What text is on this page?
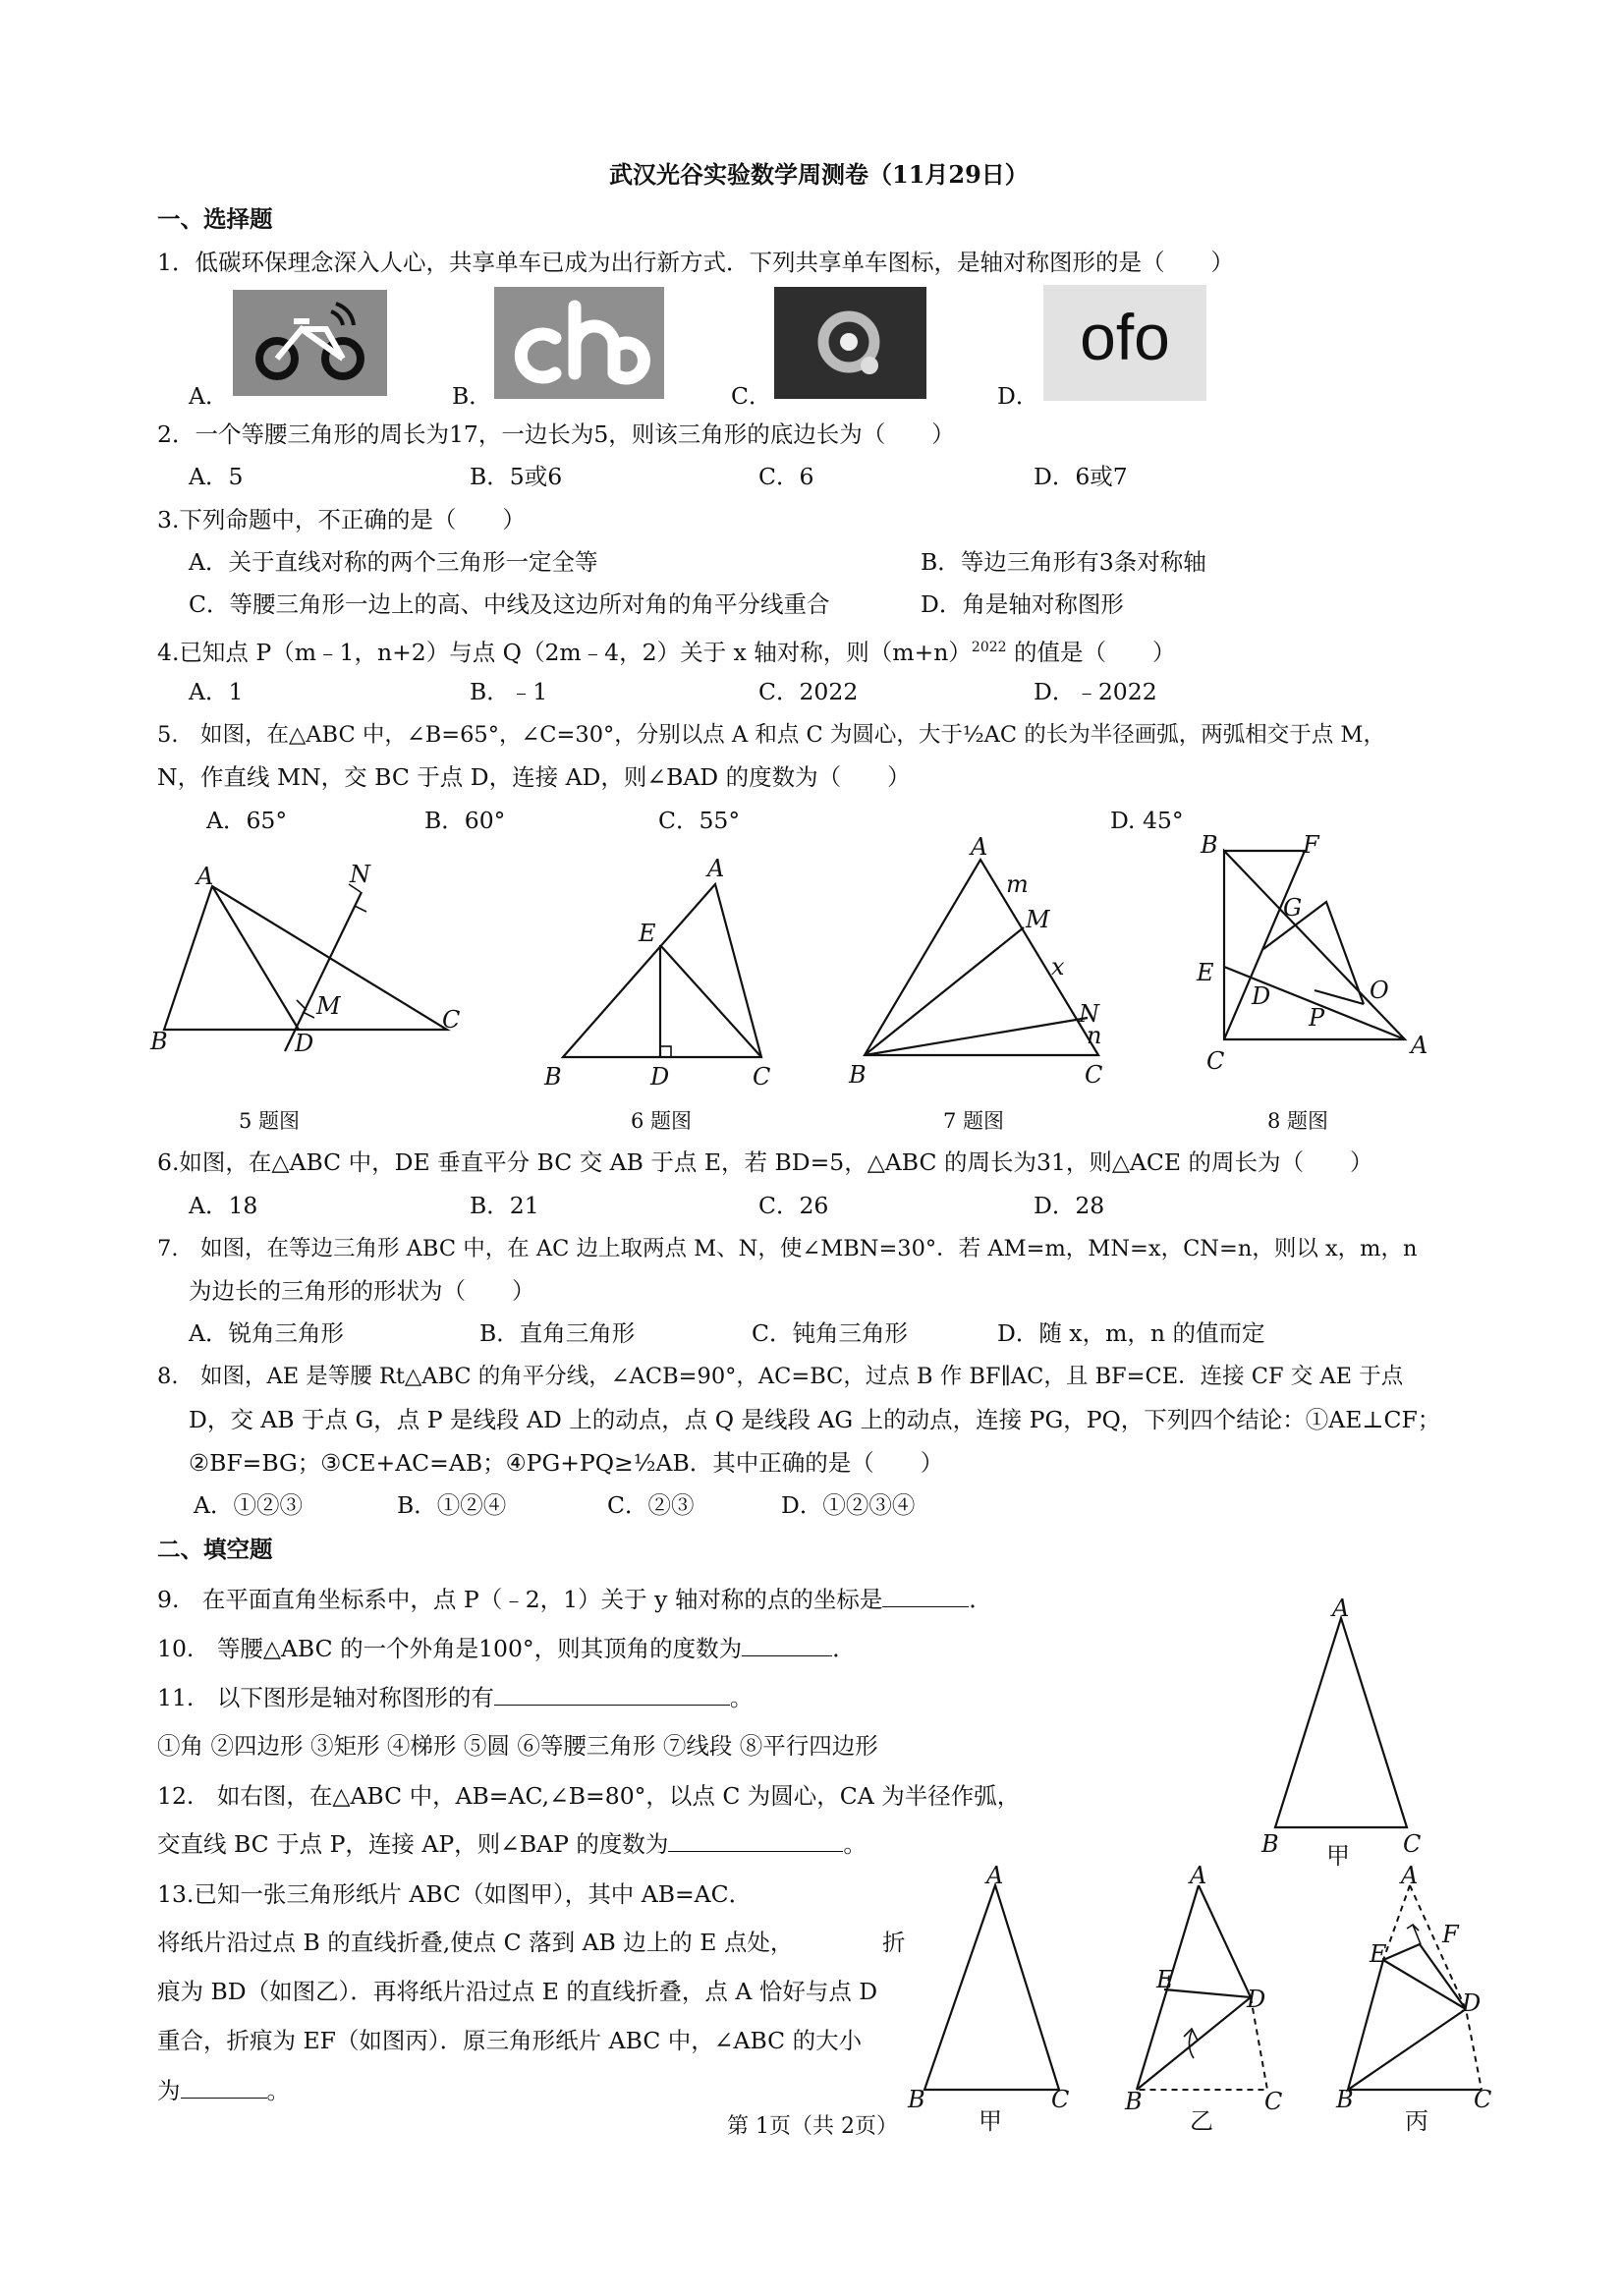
武汉光谷实验数学周测卷（11月29日）
一、选择题
1．低碳环保理念深入人心，共享单车已成为出行新方式．下列共享单车图标，是轴对称图形的是（　　）
A．	B．	C．	D．
ofo
2．一个等腰三角形的周长为17，一边长为5，则该三角形的底边长为（　　）
A．5	B．5或6	C．6	D．6或7
3.下列命题中，不正确的是（　　）
A．关于直线对称的两个三角形一定全等	B．等边三角形有3条对称轴
C．等腰三角形一边上的高、中线及这边所对角的角平分线重合	D．角是轴对称图形
4.已知点 P（m﹣1，n+2）与点 Q（2m﹣4，2）关于 x 轴对称，则$(m+n)^{2022}$ 的值是（　　）
A．1	B．﹣1	C．2022	D．﹣2022
5.　如图，在△ABC 中，∠B=65°，∠C=30°，分别以点 A 和点 C 为圆心，大于½AC 的长为半径画弧，两弧相交于点 M，
N，作直线 MN，交 BC 于点 D，连接 AD，则∠BAD 的度数为（　　）
A．65°	B．60°	C．55°	D. 45°
A	N
M
B	D
C
5 题图
A
E
B	D	C
6 题图
A
m
M
x
N
n
B	C
7 题图
B	F
G
E
O
D
P
C
A
8 题图
6.如图，在△ABC 中，DE 垂直平分 BC 交 AB 于点 E，若 BD=5，△ABC 的周长为31，则△ACE 的周长为（　　）
A．18	B．21	C．26	D．28
7.　如图，在等边三角形 ABC 中，在 AC 边上取两点 M、N，使∠MBN=30°．若 AM=m，MN=x，CN=n，则以 x，m，n
为边长的三角形的形状为（　　）
A．锐角三角形	B．直角三角形	C．钝角三角形	D．随 x，m，n 的值而定
8.　如图，AE 是等腰 Rt△ABC 的角平分线，∠ACB=90°，AC=BC，过点 B 作 BF∥AC，且 BF=CE．连接 CF 交 AE 于点
D，交 AB 于点 G，点 P 是线段 AD 上的动点，点 Q 是线段 AG 上的动点，连接 PG，PQ，下列四个结论：①AE⊥CF；
②BF=BG；③CE+AC=AB；④PG+PQ≥½AB．其中正确的是（　　）
A．①②③	B．①②④	C．②③	D．①②③④
二、填空题
9.　在平面直角坐标系中，点 P（﹣2，1）关于 y 轴对称的点的坐标是	．
10.　等腰△ABC 的一个外角是100°，则其顶角的度数为	．
11.　以下图形是轴对称图形的有	。
①角 ②四边形 ③矩形 ④梯形 ⑤圆 ⑥等腰三角形 ⑦线段 ⑧平行四边形
12.　如右图，在△ABC 中，AB=AC,∠B=80°，以点 C 为圆心，CA 为半径作弧，
交直线 BC 于点 P，连接 AP，则∠BAP 的度数为	。
A
B	C
甲
13.已知一张三角形纸片 ABC（如图甲），其中 AB=AC．
将纸片沿过点 B 的直线折叠,使点 C 落到 AB 边上的 E 点处，	折
痕为 BD（如图乙）．再将纸片沿过点 E 的直线折叠，点 A 恰好与点 D
重合，折痕为 EF（如图丙）．原三角形纸片 ABC 中，∠ABC 的大小
为	。
A
B	C
甲
A
E
D
B	C
乙
A
E
F
D
B	C
丙
第 1页（共 2页）
